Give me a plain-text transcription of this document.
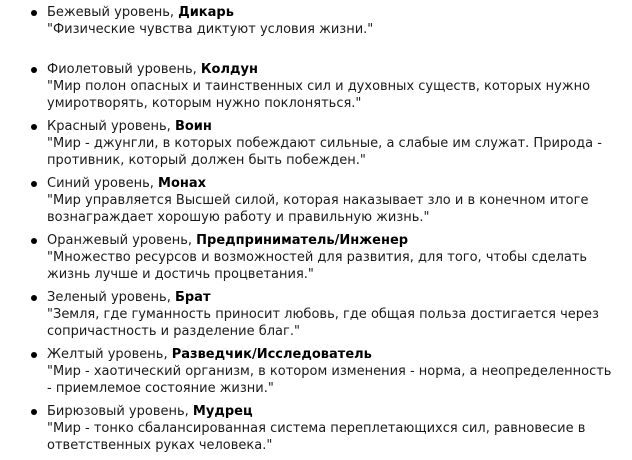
Бежевый уровень, Дикарь
"Физические чувства диктуют условия жизни."
Фиолетовый уровень, Колдун
"Мир полон опасных и таинственных сил и духовных существ, которых нужно
умиротворять, которым нужно поклоняться."
Красный уровень, Воин
"Мир - джунгли, в которых побеждают сильные, а слабые им служат. Природа -
противник, который должен быть побежден."
Синий уровень, Монах
"Мир управляется Высшей силой, которая наказывает зло и в конечном итоге
вознаграждает хорошую работу и правильную жизнь."
Оранжевый уровень, Предприниматель/Инженер
"Множество ресурсов и возможностей для развития, для того, чтобы сделать
жизнь лучше и достичь процветания."
Зеленый уровень, Брат
"Земля, где гуманность приносит любовь, где общая польза достигается через
сопричастность и разделение благ."
Желтый уровень, Разведчик/Исследователь
"Мир - хаотический организм, в котором изменения - норма, а неопределенность
- приемлемое состояние жизни."
Бирюзовый уровень, Мудрец
"Мир - тонко сбалансированная система переплетающихся сил, равновесие в
ответственных руках человека."
